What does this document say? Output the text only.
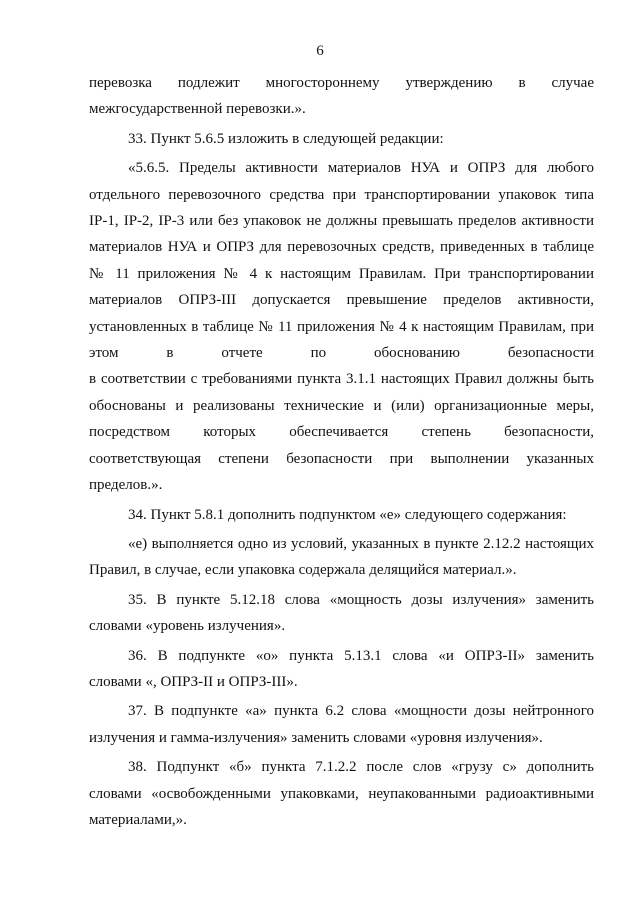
6
перевозка подлежит многостороннему утверждению в случае
межгосударственной перевозки.».
33. Пункт 5.6.5 изложить в следующей редакции:
«5.6.5. Пределы активности материалов НУА и ОПРЗ для любого
отдельного перевозочного средства при транспортировании упаковок типа
IP-1, IP-2, IP-3 или без упаковок не должны превышать пределов активности
материалов НУА и ОПРЗ для перевозочных средств, приведенных в таблице
№ 11 приложения № 4 к настоящим Правилам. При транспортировании
материалов ОПРЗ-III допускается превышение пределов активности,
установленных в таблице № 11 приложения № 4 к настоящим Правилам, при
этом в отчете по обоснованию безопасности
в соответствии с требованиями пункта 3.1.1 настоящих Правил должны быть
обоснованы и реализованы технические и (или) организационные меры,
посредством которых обеспечивается степень безопасности,
соответствующая степени безопасности при выполнении указанных
пределов.».
34. Пункт 5.8.1 дополнить подпунктом «е» следующего содержания:
«е) выполняется одно из условий, указанных в пункте 2.12.2 настоящих
Правил, в случае, если упаковка содержала делящийся материал.».
35. В пункте 5.12.18 слова «мощность дозы излучения» заменить
словами «уровень излучения».
36. В подпункте «о» пункта 5.13.1 слова «и ОПРЗ-II» заменить
словами «, ОПРЗ-II и ОПРЗ-III».
37. В подпункте «а» пункта 6.2 слова «мощности дозы нейтронного
излучения и гамма-излучения» заменить словами «уровня излучения».
38. Подпункт «б» пункта 7.1.2.2 после слов «грузу с» дополнить
словами «освобожденными упаковками, неупакованными радиоактивными
материалами,».
